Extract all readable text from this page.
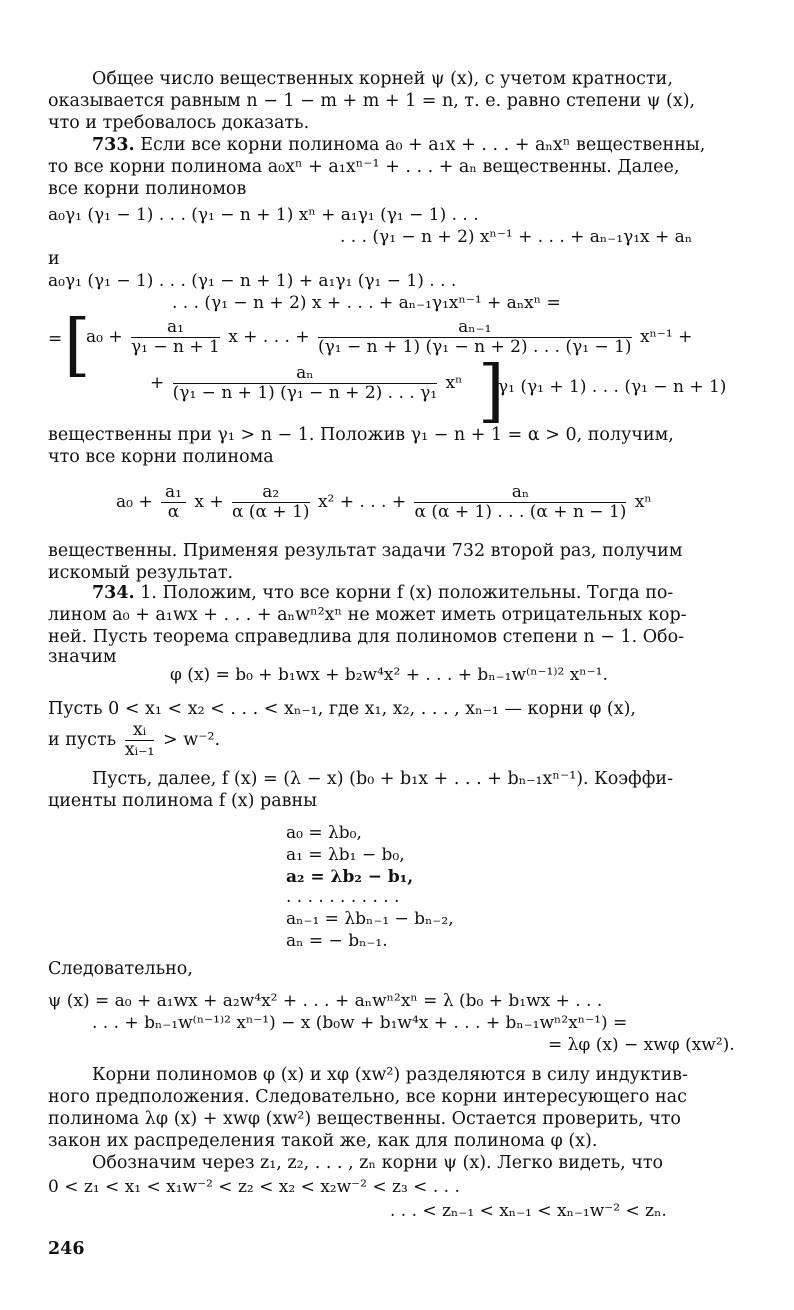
Общее число вещественных корней ψ (x), с учетом кратности,
оказывается равным n − 1 − m + m + 1 = n, т. е. равно степени ψ (x),
что и требовалось доказать.
733. Если все корни полинома a₀ + a₁x + . . . + aₙxⁿ вещественны,
то все корни полинома a₀xⁿ + a₁xⁿ⁻¹ + . . . + aₙ вещественны. Далее,
все корни полиномов
a₀γ₁ (γ₁ − 1) . . . (γ₁ − n + 1) xⁿ + a₁γ₁ (γ₁ − 1) . . .
. . . (γ₁ − n + 2) xⁿ⁻¹ + . . . + aₙ₋₁γ₁x + aₙ
и
a₀γ₁ (γ₁ − 1) . . . (γ₁ − n + 1) + a₁γ₁ (γ₁ − 1) . . .
. . . (γ₁ − n + 2) x + . . . + aₙ₋₁γ₁xⁿ⁻¹ + aₙxⁿ =
= [
$a_0 + \frac{\text{a₁}}{\text{γ₁ − n + 1}}$ x + . . . + $\frac{\text{aₙ₋₁}}{\text{(γ₁ − n + 1) (γ₁ − n + 2) . . . (γ₁ − 1)}} x^{n-1}$ +
+ $\frac{\text{aₙ}}{\text{(γ₁ − n + 1) (γ₁ − n + 2) . . . γ₁}}$ xⁿ ]
γ₁ (γ₁ + 1) . . . (γ₁ − n + 1)
вещественны при γ₁ > n − 1. Положив γ₁ − n + 1 = α > 0, получим,
что все корни полинома
$a_0 + \frac{\text{a₁}}{\alpha}$ $x + \frac{\text{a₂}}{\alpha (\alpha + 1)} x^2$ + . . . + $\frac{\text{aₙ}}{\alpha (\alpha + 1) . . . (\alpha + n - 1)}$ xⁿ
вещественны. Применяя результат задачи 732 второй раз, получим
искомый результат.
734. 1. Положим, что все корни f (x) положительны. Тогда по-
лином a₀ + a₁wx + . . . + aₙwⁿ²xⁿ не может иметь отрицательных кор-
ней. Пусть теорема справедлива для полиномов степени n − 1. Обо-
значим
φ (x) = b₀ + b₁wx + b₂w⁴x² + . . . + bₙ₋₁w⁽ⁿ⁻¹⁾² xⁿ⁻¹.
Пусть 0 < x₁ < x₂ < . . . < xₙ₋₁, где x₁, x₂, . . . , xₙ₋₁ — корни φ (x),
и пусть $\frac{\text{xᵢ}}{\text{xᵢ₋₁}} > w^{-2}$.
Пусть, далее, f (x) = (λ − x) (b₀ + b₁x + . . . + bₙ₋₁xⁿ⁻¹). Коэффи-
циенты полинома f (x) равны
a₀ = λb₀,
a₁ = λb₁ − b₀,
a₂ = λb₂ − b₁,
. . . . . . . . . . .
aₙ₋₁ = λbₙ₋₁ − bₙ₋₂,
aₙ = − bₙ₋₁.
Следовательно,
ψ (x) = a₀ + a₁wx + a₂w⁴x² + . . . + aₙwⁿ²xⁿ = λ (b₀ + b₁wx + . . .
. . . + bₙ₋₁w⁽ⁿ⁻¹⁾² xⁿ⁻¹) − x (b₀w + b₁w⁴x + . . . + bₙ₋₁wⁿ²xⁿ⁻¹) =
= λφ (x) − xwφ (xw²).
Корни полиномов φ (x) и xφ (xw²) разделяются в силу индуктив-
ного предположения. Следовательно, все корни интересующего нас
полинома λφ (x) + xwφ (xw²) вещественны. Остается проверить, что
закон их распределения такой же, как для полинома φ (x).
Обозначим через z₁, z₂, . . . , zₙ корни ψ (x). Легко видеть, что
0 < z₁ < x₁ < x₁w⁻² < z₂ < x₂ < x₂w⁻² < z₃ < . . .
. . . < zₙ₋₁ < xₙ₋₁ < xₙ₋₁w⁻² < zₙ.
246
